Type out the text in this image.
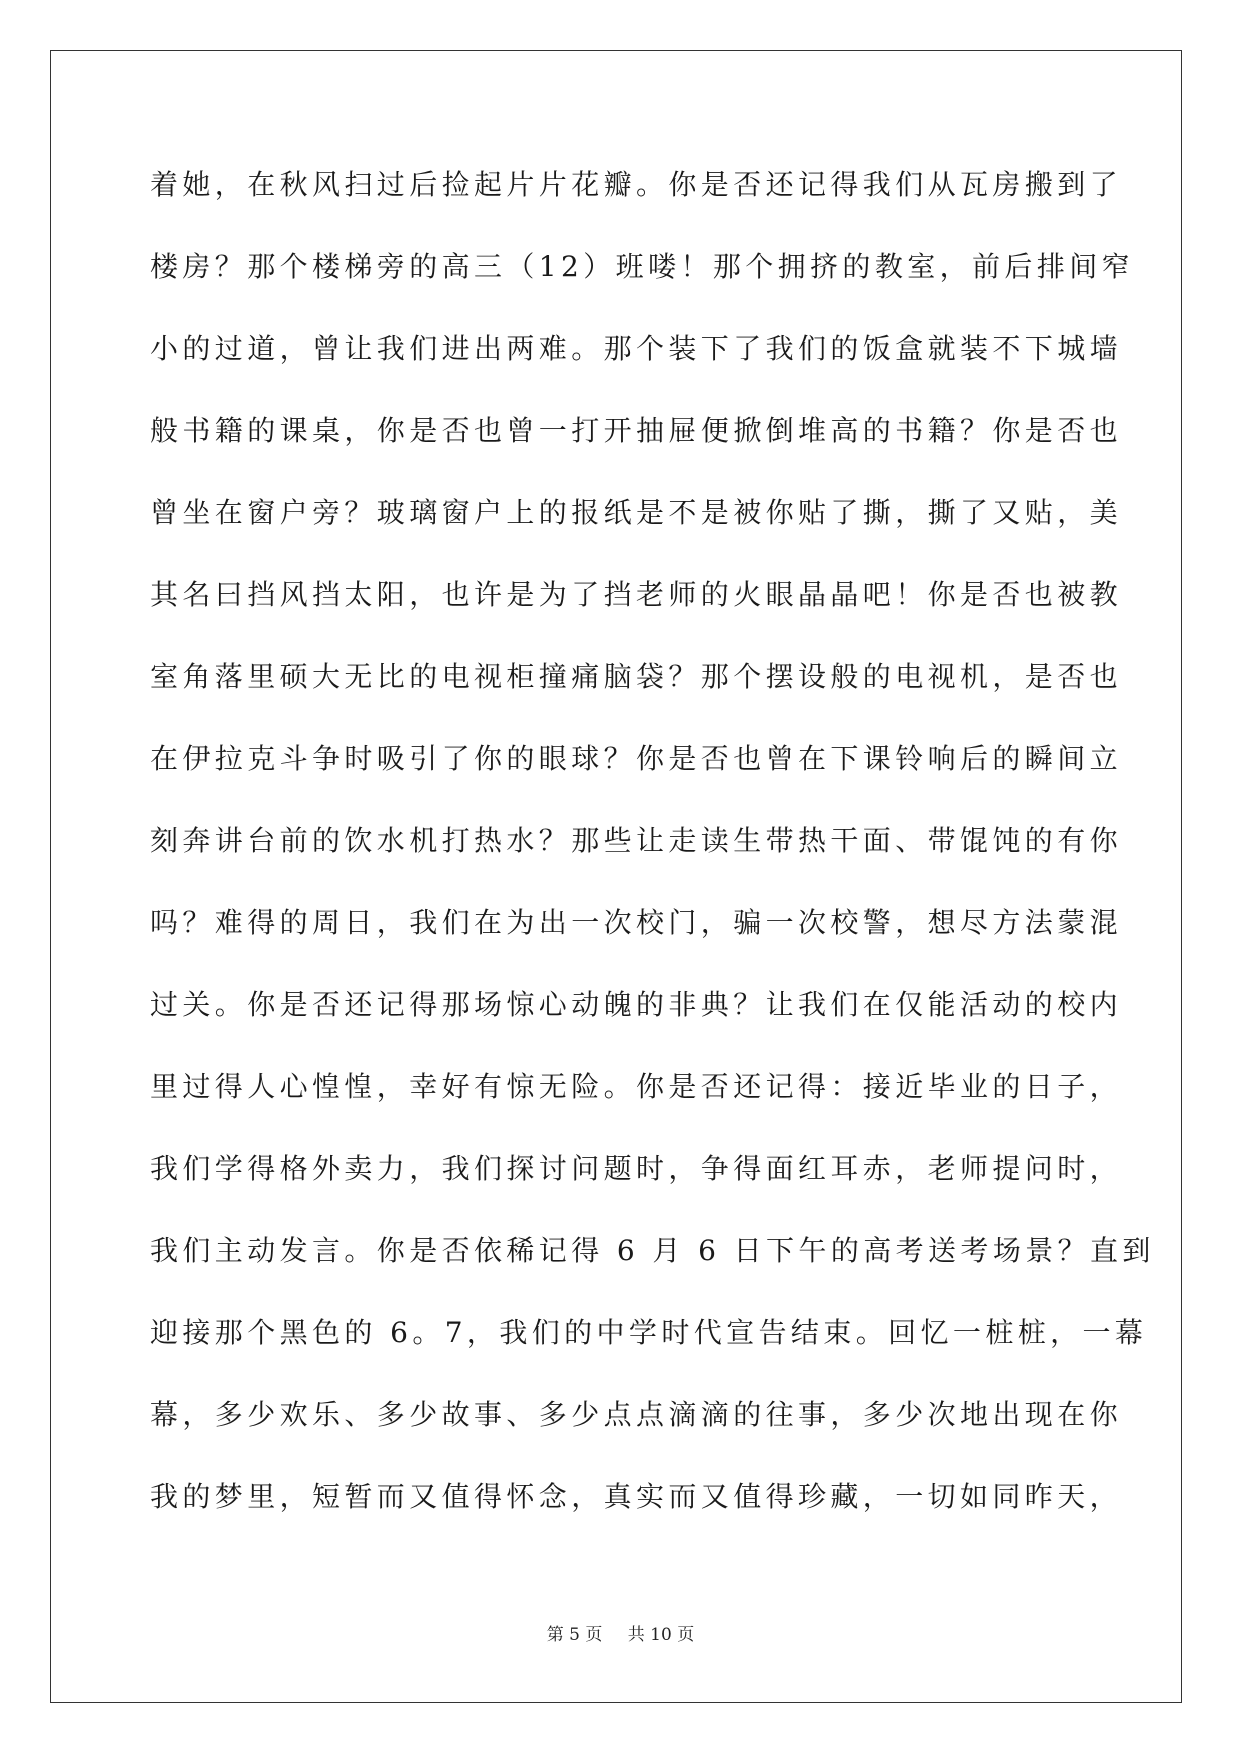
着她，在秋风扫过后捡起片片花瓣。你是否还记得我们从瓦房搬到了
楼房？那个楼梯旁的高三（12）班喽！那个拥挤的教室，前后排间窄
小的过道，曾让我们进出两难。那个装下了我们的饭盒就装不下城墙
般书籍的课桌，你是否也曾一打开抽屉便掀倒堆高的书籍？你是否也
曾坐在窗户旁？玻璃窗户上的报纸是不是被你贴了撕，撕了又贴，美
其名曰挡风挡太阳，也许是为了挡老师的火眼晶晶吧！你是否也被教
室角落里硕大无比的电视柜撞痛脑袋？那个摆设般的电视机，是否也
在伊拉克斗争时吸引了你的眼球？你是否也曾在下课铃响后的瞬间立
刻奔讲台前的饮水机打热水？那些让走读生带热干面、带馄饨的有你
吗？难得的周日，我们在为出一次校门，骗一次校警，想尽方法蒙混
过关。你是否还记得那场惊心动魄的非典？让我们在仅能活动的校内
里过得人心惶惶，幸好有惊无险。你是否还记得：接近毕业的日子，
我们学得格外卖力，我们探讨问题时，争得面红耳赤，老师提问时，
我们主动发言。你是否依稀记得 6 月 6 日下午的高考送考场景？直到
迎接那个黑色的 6。7，我们的中学时代宣告结束。回忆一桩桩，一幕
幕，多少欢乐、多少故事、多少点点滴滴的往事，多少次地出现在你
我的梦里，短暂而又值得怀念，真实而又值得珍藏，一切如同昨天，
第 5 页 共 10 页
